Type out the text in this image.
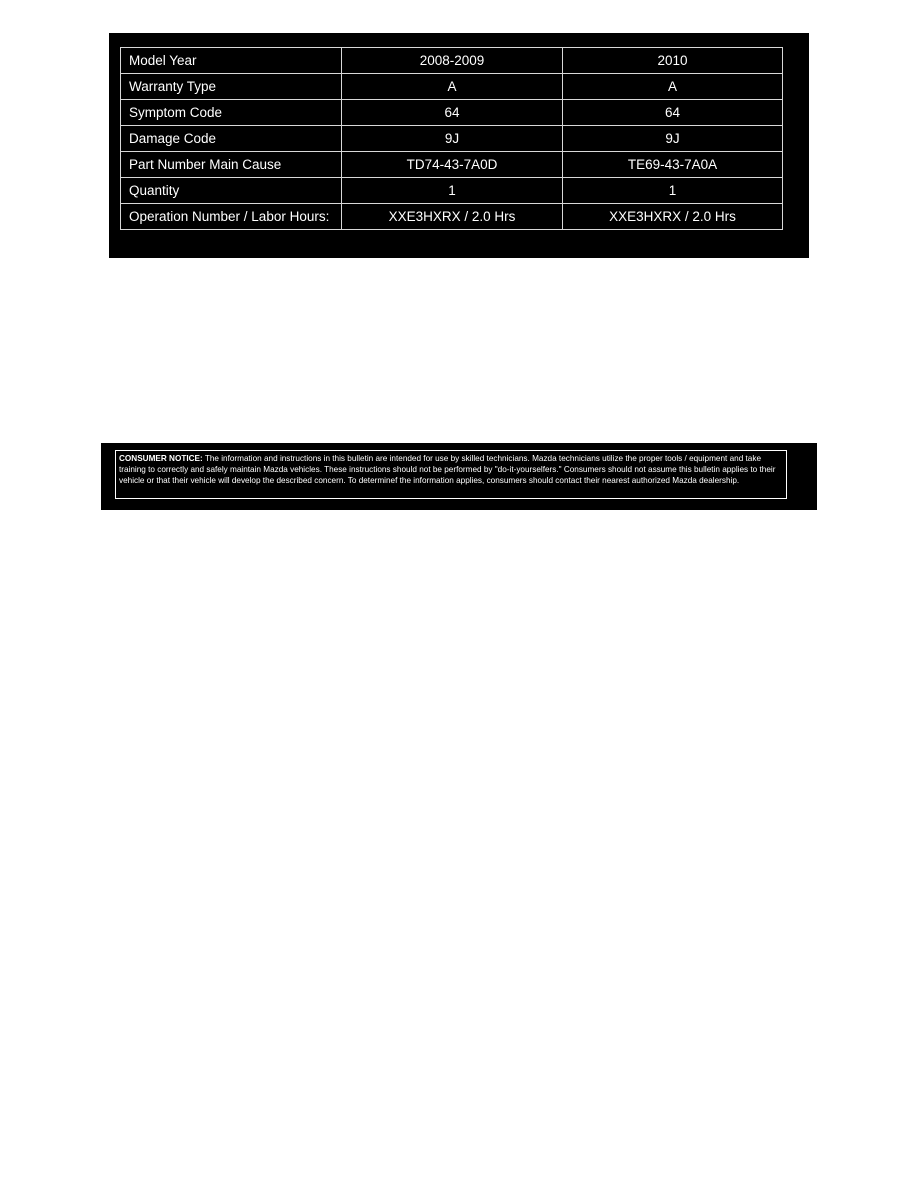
Model Year	2008-2009	2010
Warranty Type	A	A
Symptom Code	64	64
Damage Code	9J	9J
Part Number Main Cause	TD74-43-7A0D	TE69-43-7A0A
Quantity	1	1
Operation Number / Labor Hours:	XXE3HXRX / 2.0 Hrs	XXE3HXRX / 2.0 Hrs
CONSUMER NOTICE: The information and instructions in this bulletin are intended for use by skilled technicians. Mazda technicians utilize the proper tools / equipment and take training to correctly and safely maintain Mazda vehicles. These instructions should not be performed by "do-it-yourselfers." Consumers should not assume this bulletin applies to their vehicle or that their vehicle will develop the described concern. To determinef the information applies, consumers should contact their nearest authorized Mazda dealership.
